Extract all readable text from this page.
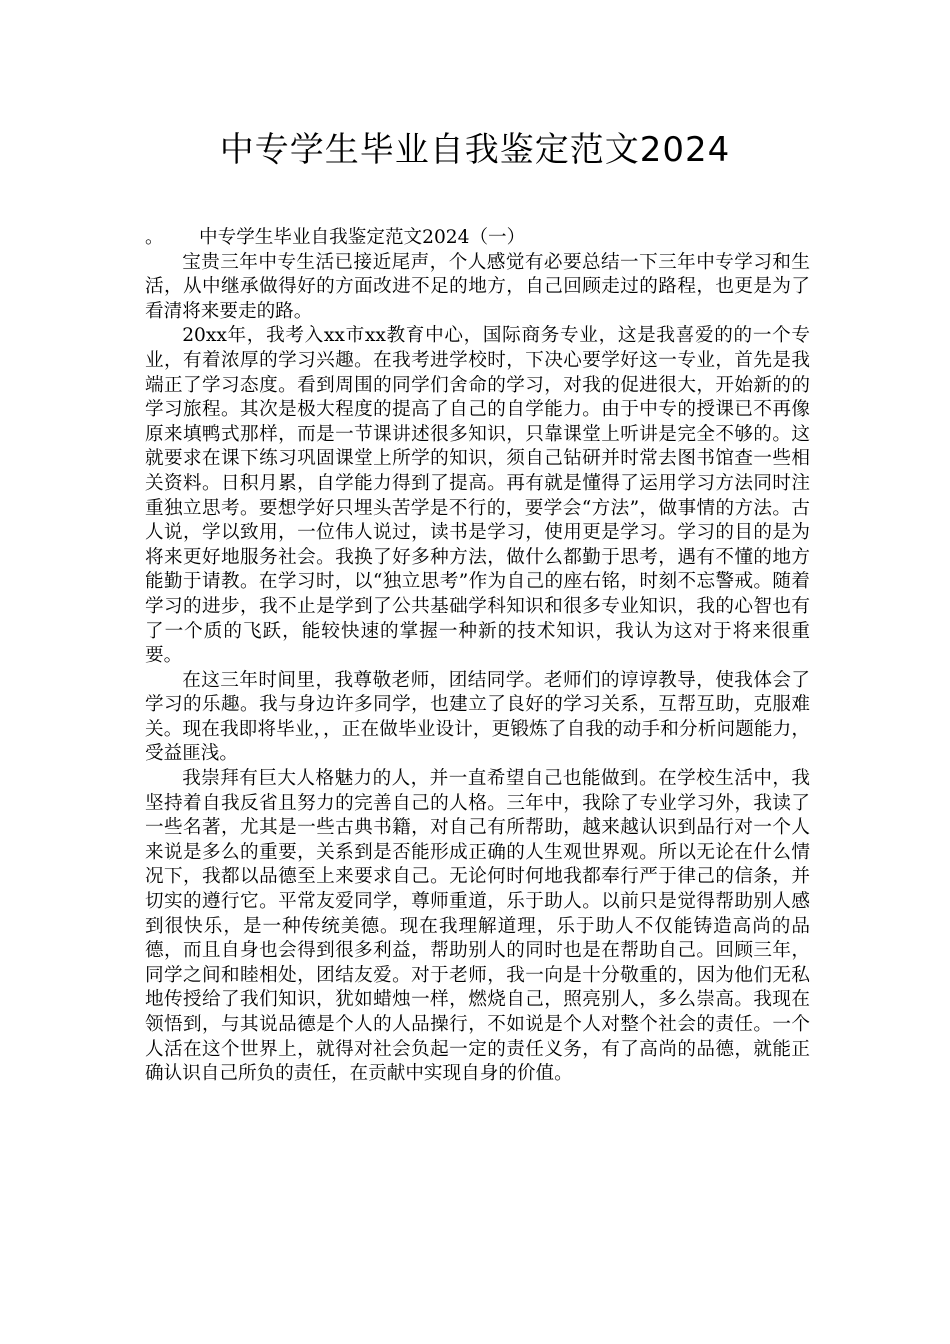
中专学生毕业自我鉴定范文2024

。 中专学生毕业自我鉴定范文2024（一）

宝贵三年中专生活已接近尾声，个人感觉有必要总结一下三年中专学习和生活，从中继承做得好的方面改进不足的地方，自己回顾走过的路程，也更是为了看清将来要走的路。

20xx年，我考入xx市xx教育中心，国际商务专业，这是我喜爱的的一个专业，有着浓厚的学习兴趣。在我考进学校时，下决心要学好这一专业，首先是我端正了学习态度。看到周围的同学们舍命的学习，对我的促进很大，开始新的的学习旅程。其次是极大程度的提高了自己的自学能力。由于中专的授课已不再像原来填鸭式那样，而是一节课讲述很多知识，只靠课堂上听讲是完全不够的。这就要求在课下练习巩固课堂上所学的知识，须自己钻研并时常去图书馆查一些相关资料。日积月累，自学能力得到了提高。再有就是懂得了运用学习方法同时注重独立思考。要想学好只埋头苦学是不行的，要学会“方法”，做事情的方法。古人说，学以致用，一位伟人说过，读书是学习，使用更是学习。学习的目的是为将来更好地服务社会。我换了好多种方法，做什么都勤于思考，遇有不懂的地方能勤于请教。在学习时，以“独立思考”作为自己的座右铭，时刻不忘警戒。随着学习的进步，我不止是学到了公共基础学科知识和很多专业知识，我的心智也有了一个质的飞跃，能较快速的掌握一种新的技术知识，我认为这对于将来很重要。

在这三年时间里，我尊敬老师，团结同学。老师们的谆谆教导，使我体会了学习的乐趣。我与身边许多同学，也建立了良好的学习关系，互帮互助，克服难关。现在我即将毕业，，正在做毕业设计，更锻炼了自我的动手和分析问题能力，受益匪浅。

我崇拜有巨大人格魅力的人，并一直希望自己也能做到。在学校生活中，我坚持着自我反省且努力的完善自己的人格。三年中，我除了专业学习外，我读了一些名著，尤其是一些古典书籍，对自己有所帮助，越来越认识到品行对一个人来说是多么的重要，关系到是否能形成正确的人生观世界观。所以无论在什么情况下，我都以品德至上来要求自己。无论何时何地我都奉行严于律己的信条，并切实的遵行它。平常友爱同学，尊师重道，乐于助人。以前只是觉得帮助别人感到很快乐，是一种传统美德。现在我理解道理，乐于助人不仅能铸造高尚的品德，而且自身也会得到很多利益，帮助别人的同时也是在帮助自己。回顾三年，同学之间和睦相处，团结友爱。对于老师，我一向是十分敬重的，因为他们无私地传授给了我们知识，犹如蜡烛一样，燃烧自己，照亮别人，多么崇高。我现在领悟到，与其说品德是个人的人品操行，不如说是个人对整个社会的责任。一个人活在这个世界上，就得对社会负起一定的责任义务，有了高尚的品德，就能正确认识自己所负的责任，在贡献中实现自身的价值。
